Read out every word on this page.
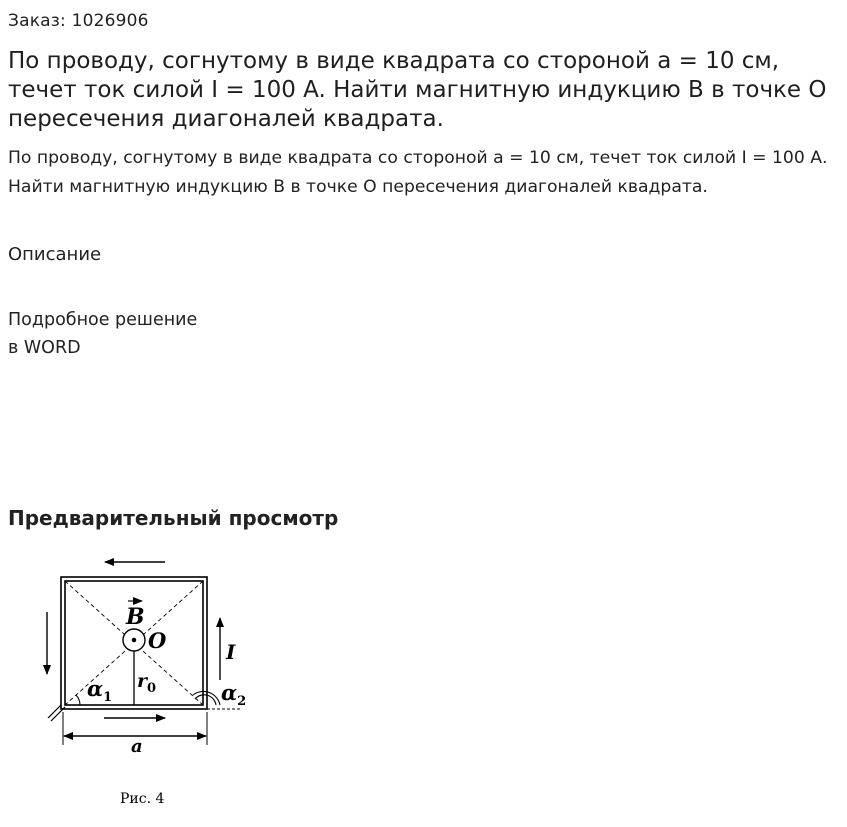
Заказ: 1026906
По проводу, согнутому в виде квадрата со стороной a = 10 см, течет ток силой I = 100 A. Найти магнитную индукцию B в точке O пересечения диагоналей квадрата.
По проводу, согнутому в виде квадрата со стороной а = 10 см, течет ток силой I = 100 А. Найти магнитную индукцию В в точке О пересечения диагоналей квадрата.
Описание
Подробное решение
в WORD
Предварительный просмотр
B
O	I
$r_0$
$\alpha_1$	$\alpha_2$
a
Рис. 4
